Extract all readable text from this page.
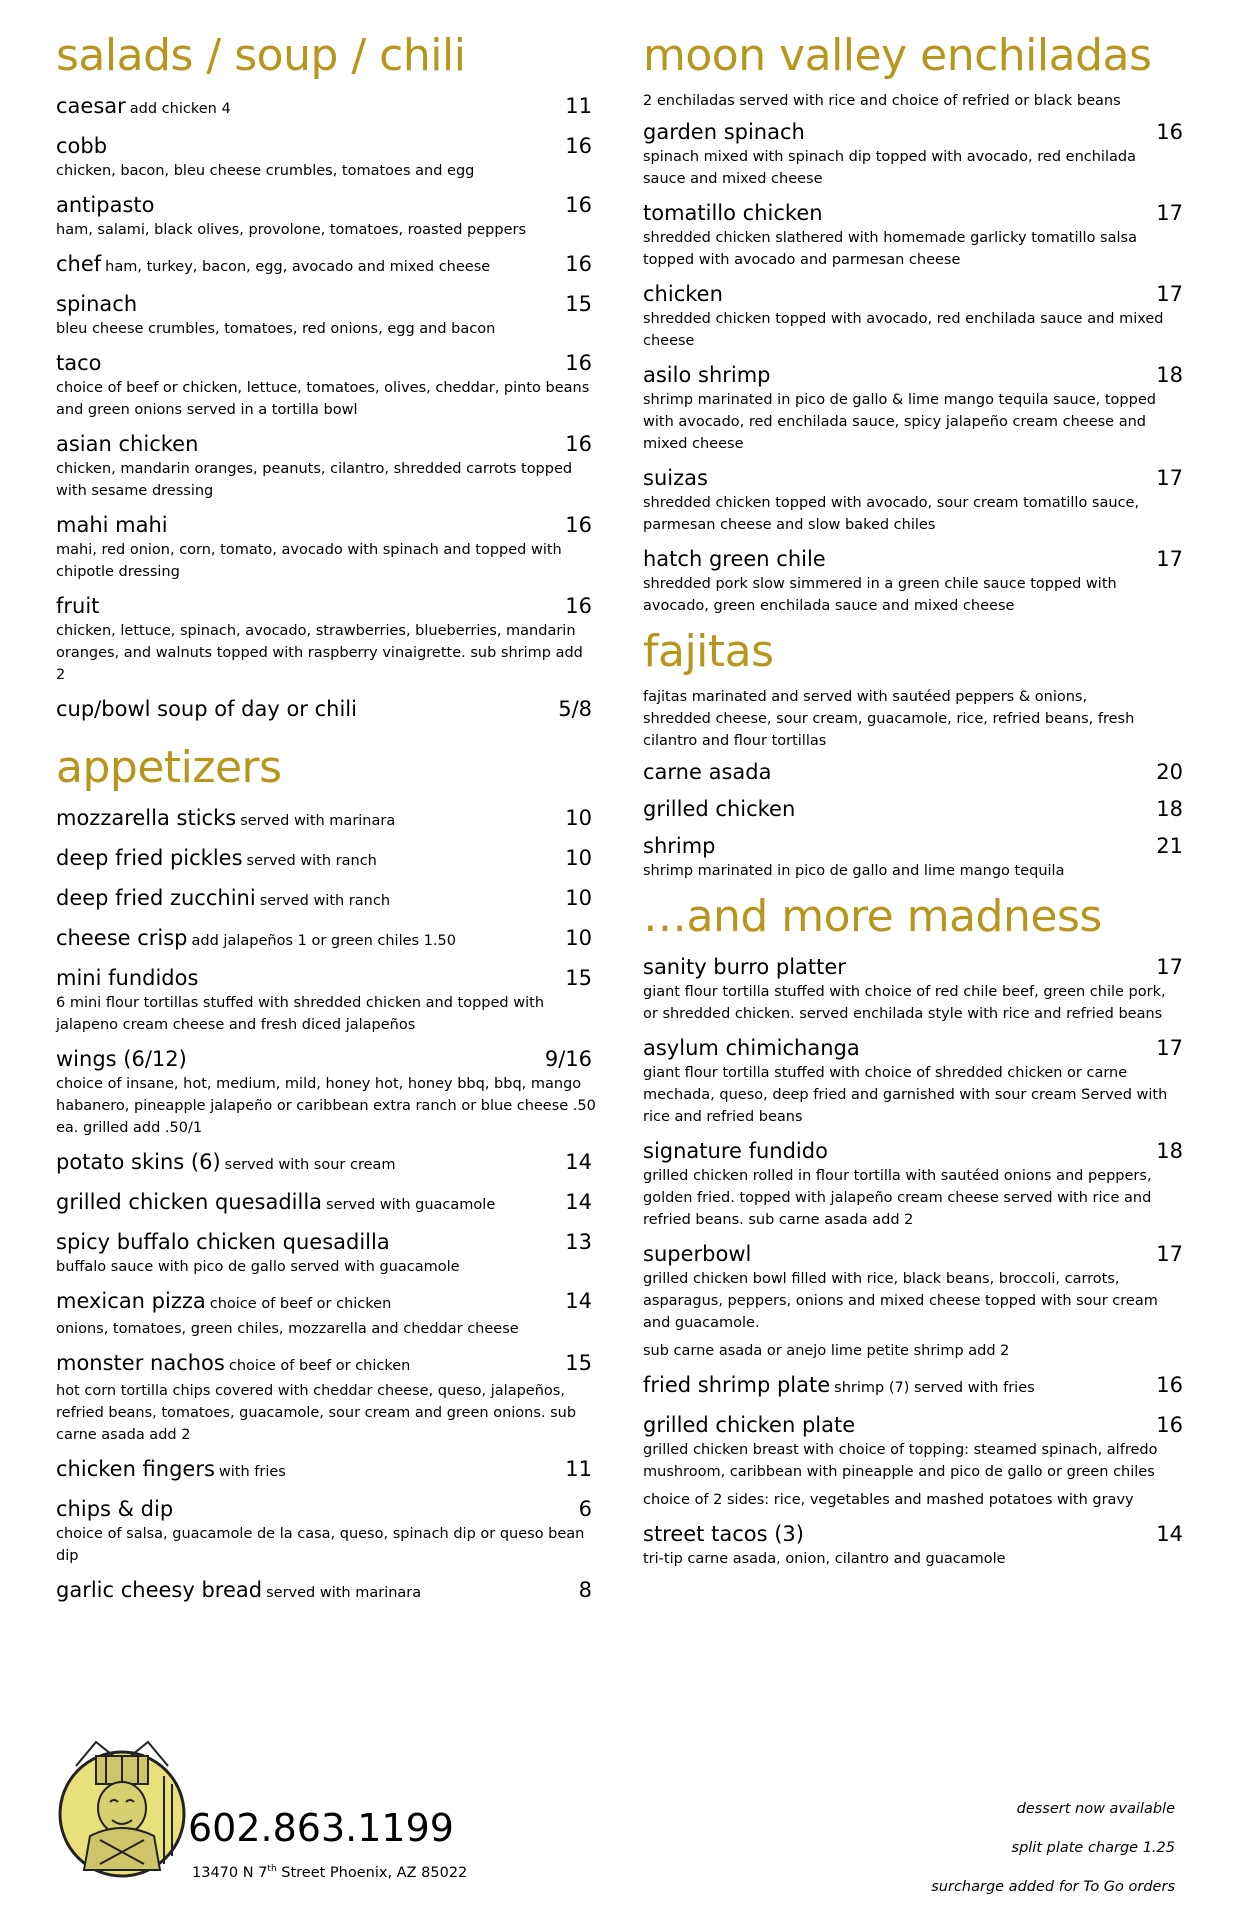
salads / soup / chili
caesar add chicken 4	11
cobb	16
chicken, bacon, bleu cheese crumbles, tomatoes and egg
antipasto	16
ham, salami, black olives, provolone, tomatoes, roasted peppers
chef ham, turkey, bacon, egg, avocado and mixed cheese	16
spinach	15
bleu cheese crumbles, tomatoes, red onions, egg and bacon
taco	16
choice of beef or chicken, lettuce, tomatoes, olives, cheddar, pinto beans and green onions served in a tortilla bowl
asian chicken	16
chicken, mandarin oranges, peanuts, cilantro, shredded carrots topped with sesame dressing
mahi mahi	16
mahi, red onion, corn, tomato, avocado with spinach and topped with chipotle dressing
fruit	16
chicken, lettuce, spinach, avocado, strawberries, blueberries, mandarin oranges, and walnuts topped with raspberry vinaigrette. sub shrimp add 2
cup/bowl soup of day or chili	5/8
appetizers
mozzarella sticks served with marinara	10
deep fried pickles served with ranch	10
deep fried zucchini served with ranch	10
cheese crisp add jalapeños 1 or green chiles 1.50	10
mini fundidos	15
6 mini flour tortillas stuffed with shredded chicken and topped with jalapeno cream cheese and fresh diced jalapeños
wings (6/12)	9/16
choice of insane, hot, medium, mild, honey hot, honey bbq, bbq, mango habanero, pineapple jalapeño or caribbean extra ranch or blue cheese .50 ea. grilled add .50/1
potato skins (6) served with sour cream	14
grilled chicken quesadilla served with guacamole	14
spicy buffalo chicken quesadilla	13
buffalo sauce with pico de gallo served with guacamole
mexican pizza choice of beef or chicken	14
onions, tomatoes, green chiles, mozzarella and cheddar cheese
monster nachos choice of beef or chicken	15
hot corn tortilla chips covered with cheddar cheese, queso, jalapeños, refried beans, tomatoes, guacamole, sour cream and green onions. sub carne asada add 2
chicken fingers with fries	11
chips & dip	6
choice of salsa, guacamole de la casa, queso, spinach dip or queso bean dip
garlic cheesy bread served with marinara	8
moon valley enchiladas
2 enchiladas served with rice and choice of refried or black beans
garden spinach	16
spinach mixed with spinach dip topped with avocado, red enchilada sauce and mixed cheese
tomatillo chicken	17
shredded chicken slathered with homemade garlicky tomatillo salsa topped with avocado and parmesan cheese
chicken	17
shredded chicken topped with avocado, red enchilada sauce and mixed cheese
asilo shrimp	18
shrimp marinated in pico de gallo & lime mango tequila sauce, topped with avocado, red enchilada sauce, spicy jalapeño cream cheese and mixed cheese
suizas	17
shredded chicken topped with avocado, sour cream tomatillo sauce, parmesan cheese and slow baked chiles
hatch green chile	17
shredded pork slow simmered in a green chile sauce topped with avocado, green enchilada sauce and mixed cheese
fajitas
fajitas marinated and served with sautéed peppers & onions, shredded cheese, sour cream, guacamole, rice, refried beans, fresh cilantro and flour tortillas
carne asada	20
grilled chicken	18
shrimp	21
shrimp marinated in pico de gallo and lime mango tequila
…and more madness
sanity burro platter	17
giant flour tortilla stuffed with choice of red chile beef, green chile pork, or shredded chicken. served enchilada style with rice and refried beans
asylum chimichanga	17
giant flour tortilla stuffed with choice of shredded chicken or carne mechada, queso, deep fried and garnished with sour cream Served with rice and refried beans
signature fundido	18
grilled chicken rolled in flour tortilla with sautéed onions and peppers, golden fried. topped with jalapeño cream cheese served with rice and refried beans. sub carne asada add 2
superbowl	17
grilled chicken bowl filled with rice, black beans, broccoli, carrots, asparagus, peppers, onions and mixed cheese topped with sour cream and guacamole.
sub carne asada or anejo lime petite shrimp add 2
fried shrimp plate shrimp (7) served with fries	16
grilled chicken plate	16
grilled chicken breast with choice of topping: steamed spinach, alfredo mushroom, caribbean with pineapple and pico de gallo or green chiles
choice of 2 sides: rice, vegetables and mashed potatoes with gravy
street tacos (3)	14
tri-tip carne asada, onion, cilantro and guacamole
602.863.1199
13470 N 7th Street Phoenix, AZ 85022
dessert now available
split plate charge 1.25
surcharge added for To Go orders
